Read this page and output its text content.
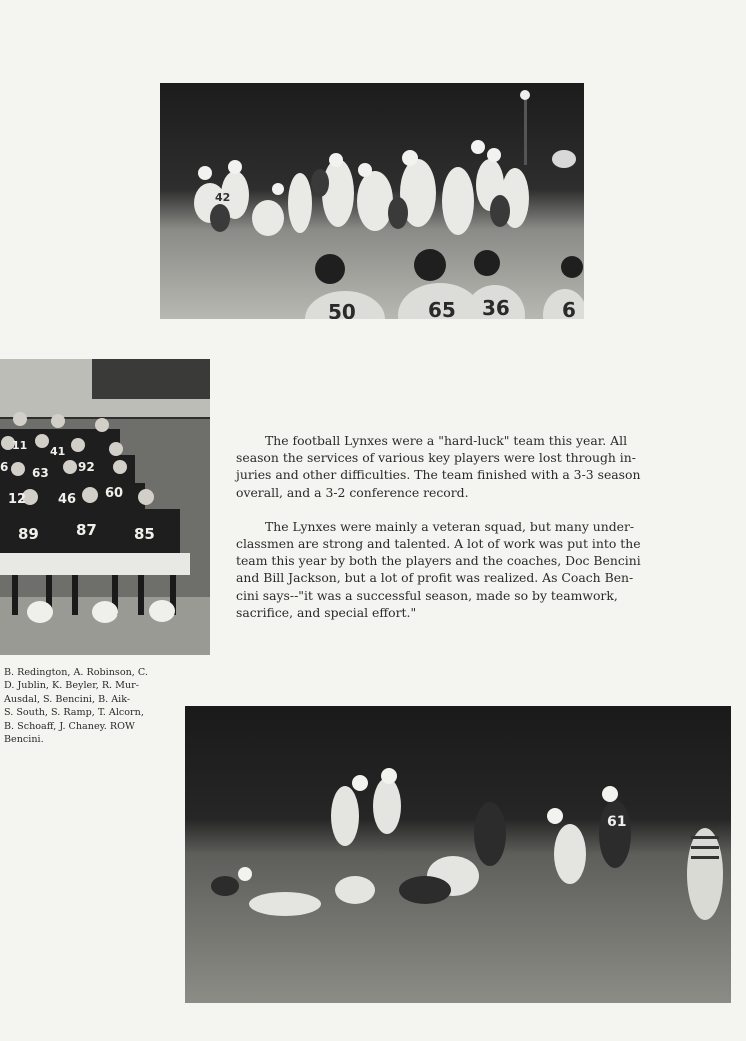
50	65 36	6
42
11 41
6 63 92
60
12 46
89 87 85
B. Redington, A. Robinson, C.
D. Jublin, K. Beyler, R. Mur-
Ausdal, S. Bencini, B. Aik-
S. South, S. Ramp, T. Alcorn,
B. Schoaff, J. Chaney. ROW
Bencini.

The football Lynxes were a "hard-luck" team this year. All
season the services of various key players were lost through in-
juries and other difficulties. The team finished with a 3-3 season
overall, and a 3-2 conference record.

The Lynxes were mainly a veteran squad, but many under-
classmen are strong and talented. A lot of work was put into the
team this year by both the players and the coaches, Doc Bencini
and Bill Jackson, but a lot of profit was realized. As Coach Ben-
cini says--"it was a successful season, made so by teamwork,
sacrifice, and special effort."

61
